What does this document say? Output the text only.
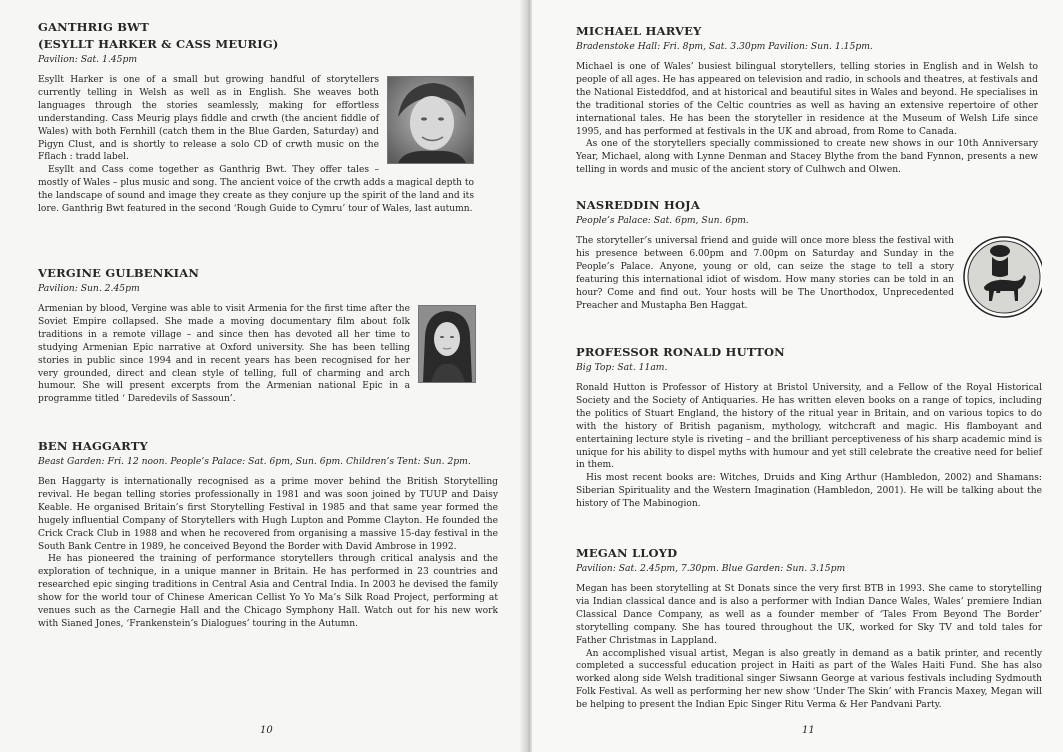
GANTHRIG BWT
(ESYLLT HARKER & CASS MEURIG)
Pavilion: Sat. 1.45pm

Esyllt Harker is one of a small but growing handful of storytellers currently telling in Welsh as well as in English. She weaves both languages through the stories seamlessly, making for effortless understanding. Cass Meurig plays fiddle and crwth (the ancient fiddle of Wales) with both Fernhill (catch them in the Blue Garden, Saturday) and Pigyn Clust, and is shortly to release a solo CD of crwth music on the Fflach : tradd label.

Esyllt and Cass come together as Ganthrig Bwt. They offer tales – mostly of Wales – plus music and song. The ancient voice of the crwth adds a magical depth to the landscape of sound and image they create as they conjure up the spirit of the land and its lore. Ganthrig Bwt featured in the second ‘Rough Guide to Cymru’ tour of Wales, last autumn.

VERGINE GULBENKIAN
Pavilion: Sun. 2.45pm

Armenian by blood, Vergine was able to visit Armenia for the first time after the Soviet Empire collapsed. She made a moving documentary film about folk traditions in a remote village – and since then has devoted all her time to studying Armenian Epic narrative at Oxford university. She has been telling stories in public since 1994 and in recent years has been recognised for her very grounded, direct and clean style of telling, full of charming and arch humour. She will present excerpts from the Armenian national Epic in a programme titled ‘ Daredevils of Sassoun’.

BEN HAGGARTY
Beast Garden: Fri. 12 noon. People’s Palace: Sat. 6pm, Sun. 6pm. Children’s Tent: Sun. 2pm.

Ben Haggarty is internationally recognised as a prime mover behind the British Storytelling revival. He began telling stories professionally in 1981 and was soon joined by TUUP and Daisy Keable. He organised Britain’s first Storytelling Festival in 1985 and that same year formed the hugely influential Company of Storytellers with Hugh Lupton and Pomme Clayton. He founded the Crick Crack Club in 1988 and when he recovered from organising a massive 15-day festival in the South Bank Centre in 1989, he conceived Beyond the Border with David Ambrose in 1992.

He has pioneered the training of performance storytellers through critical analysis and the exploration of technique, in a unique manner in Britain. He has performed in 23 countries and researched epic singing traditions in Central Asia and Central India. In 2003 he devised the family show for the world tour of Chinese American Cellist Yo Yo Ma’s Silk Road Project, performing at venues such as the Carnegie Hall and the Chicago Symphony Hall. Watch out for his new work with Sianed Jones, ‘Frankenstein’s Dialogues’ touring in the Autumn.

10
MICHAEL HARVEY
Bradenstoke Hall: Fri. 8pm, Sat. 3.30pm Pavilion: Sun. 1.15pm.

Michael is one of Wales’ busiest bilingual storytellers, telling stories in English and in Welsh to people of all ages. He has appeared on television and radio, in schools and theatres, at festivals and the National Eisteddfod, and at historical and beautiful sites in Wales and beyond. He specialises in the traditional stories of the Celtic countries as well as having an extensive repertoire of other international tales. He has been the storyteller in residence at the Museum of Welsh Life since 1995, and has performed at festivals in the UK and abroad, from Rome to Canada.

As one of the storytellers specially commissioned to create new shows in our 10th Anniversary Year, Michael, along with Lynne Denman and Stacey Blythe from the band Fynnon, presents a new telling in words and music of the ancient story of Culhwch and Olwen.

NASREDDIN HOJA
People’s Palace: Sat. 6pm, Sun. 6pm.

The storyteller’s universal friend and guide will once more bless the festival with his presence between 6.00pm and 7.00pm on Saturday and Sunday in the People’s Palace. Anyone, young or old, can seize the stage to tell a story featuring this international idiot of wisdom. How many stories can be told in an hour? Come and find out. Your hosts will be The Unorthodox, Unprecedented Preacher and Mustapha Ben Haggat.

PROFESSOR RONALD HUTTON
Big Top: Sat. 11am.

Ronald Hutton is Professor of History at Bristol University, and a Fellow of the Royal Historical Society and the Society of Antiquaries. He has written eleven books on a range of topics, including the politics of Stuart England, the history of the ritual year in Britain, and on various topics to do with the history of British paganism, mythology, witchcraft and magic. His flamboyant and entertaining lecture style is riveting – and the brilliant perceptiveness of his sharp academic mind is unique for his ability to dispel myths with humour and yet still celebrate the creative need for belief in them.

His most recent books are: Witches, Druids and King Arthur (Hambledon, 2002) and Shamans: Siberian Spirituality and the Western Imagination (Hambledon, 2001). He will be talking about the history of The Mabinogion.

MEGAN LLOYD
Pavilion: Sat. 2.45pm, 7.30pm. Blue Garden: Sun. 3.15pm

Megan has been storytelling at St Donats since the very first BTB in 1993. She came to storytelling via Indian classical dance and is also a performer with Indian Dance Wales, Wales’ premiere Indian Classical Dance Company, as well as a founder member of ‘Tales From Beyond The Border’ storytelling company. She has toured throughout the UK, worked for Sky TV and told tales for Father Christmas in Lappland.

An accomplished visual artist, Megan is also greatly in demand as a batik printer, and recently completed a successful education project in Haiti as part of the Wales Haiti Fund. She has also worked along side Welsh traditional singer Siwsann George at various festivals including Sydmouth Folk Festival. As well as performing her new show ‘Under The Skin’ with Francis Maxey, Megan will be helping to present the Indian Epic Singer Ritu Verma & Her Pandvani Party.

11
